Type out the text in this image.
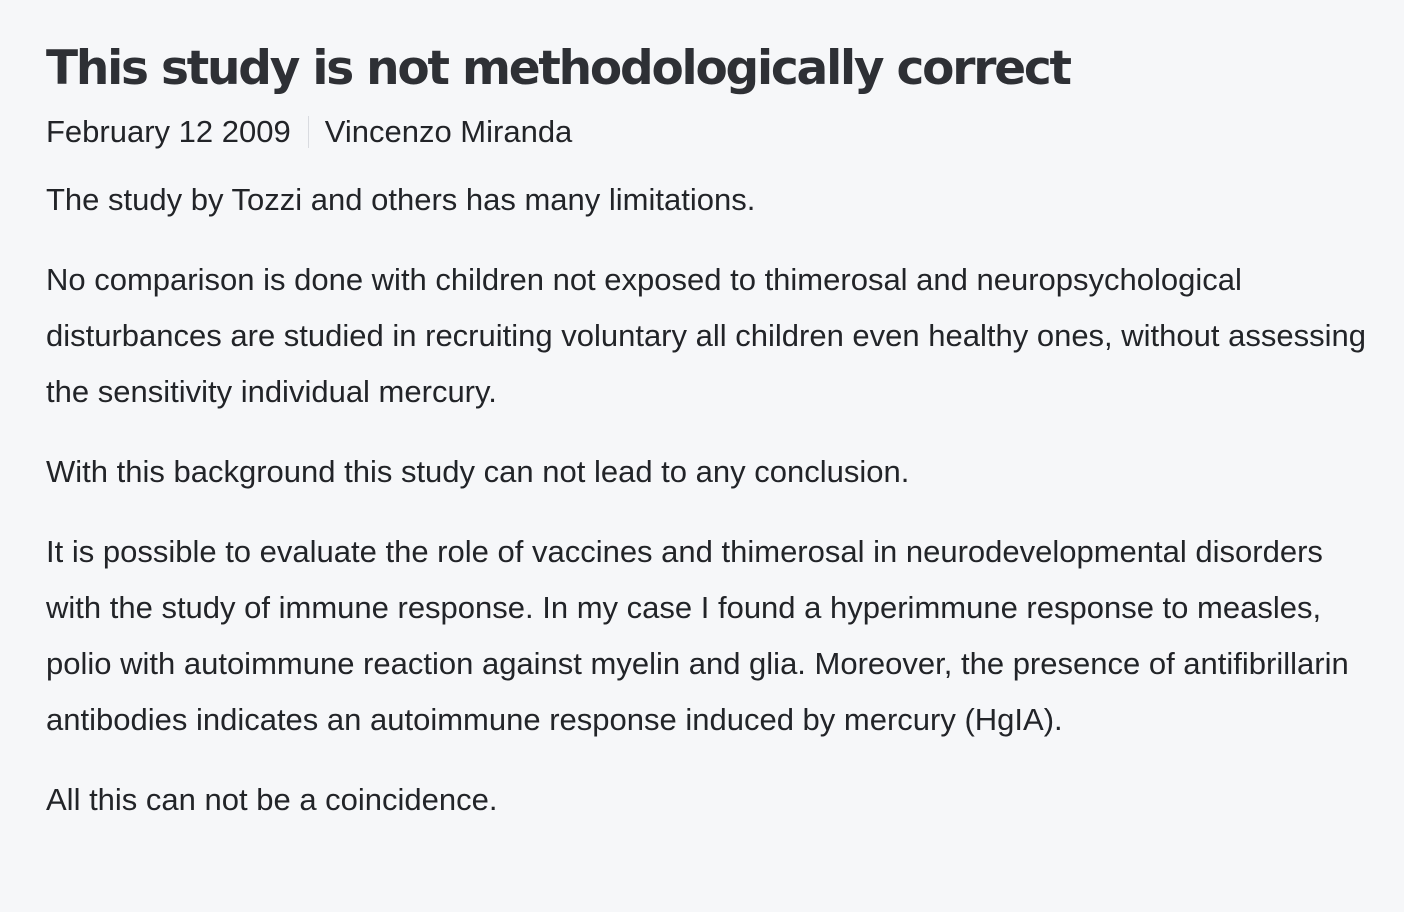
This study is not methodologically correct
February 12 2009 Vincenzo Miranda

The study by Tozzi and others has many limitations.

No comparison is done with children not exposed to thimerosal and neuropsychological disturbances are studied in recruiting voluntary all children even healthy ones, without assessing the sensitivity individual mercury.

With this background this study can not lead to any conclusion.

It is possible to evaluate the role of vaccines and thimerosal in neurodevelopmental disorders with the study of immune response. In my case I found a hyperimmune response to measles, polio with autoimmune reaction against myelin and glia. Moreover, the presence of antifibrillarin antibodies indicates an autoimmune response induced by mercury (HgIA).

All this can not be a coincidence.
